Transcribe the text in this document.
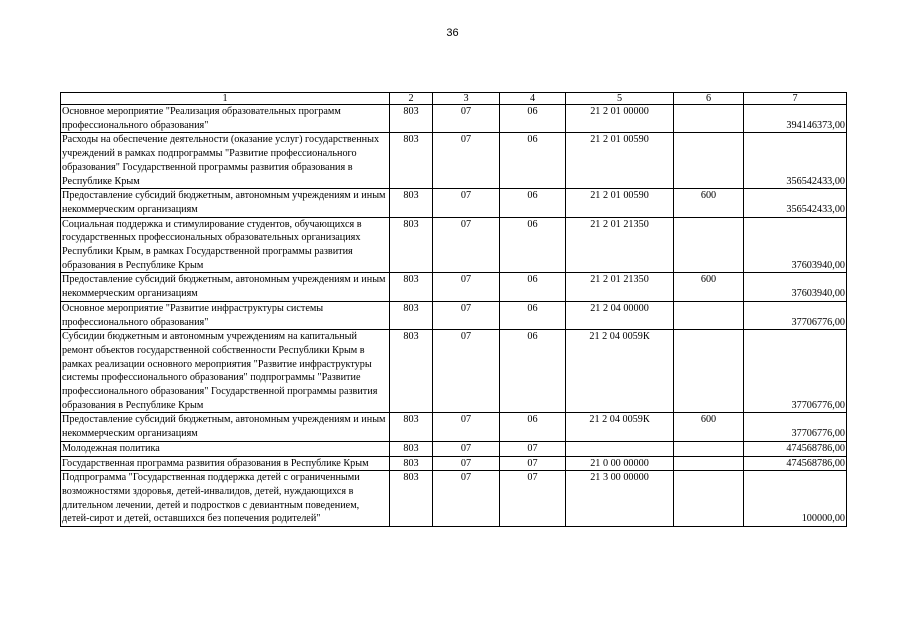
36
1	2	3	4	5	6	7
Основное мероприятие "Реализация образовательных программ профессионального образования"	803	07	06	21 2 01 00000		394146373,00
Расходы на обеспечение деятельности (оказание услуг) государственных учреждений в рамках подпрограммы "Развитие профессионального образования" Государственной программы развития образования в Республике Крым	803	07	06	21 2 01 00590		356542433,00
Предоставление субсидий бюджетным, автономным учреждениям и иным некоммерческим организациям	803	07	06	21 2 01 00590	600	356542433,00
Социальная поддержка и стимулирование студентов, обучающихся в государственных профессиональных образовательных организациях Республики Крым, в рамках Государственной программы развития образования в Республике Крым	803	07	06	21 2 01 21350		37603940,00
Предоставление субсидий бюджетным, автономным учреждениям и иным некоммерческим организациям	803	07	06	21 2 01 21350	600	37603940,00
Основное мероприятие "Развитие инфраструктуры системы профессионального образования"	803	07	06	21 2 04 00000		37706776,00
Субсидии бюджетным и автономным учреждениям на капитальный ремонт объектов государственной собственности Республики Крым в рамках реализации основного мероприятия "Развитие инфраструктуры системы профессионального образования" подпрограммы "Развитие профессионального образования" Государственной программы развития образования в Республике Крым	803	07	06	21 2 04 0059К		37706776,00
Предоставление субсидий бюджетным, автономным учреждениям и иным некоммерческим организациям	803	07	06	21 2 04 0059К	600	37706776,00
Молодежная политика	803	07	07			474568786,00
Государственная программа развития образования в Республике Крым	803	07	07	21 0 00 00000		474568786,00
Подпрограмма "Государственная поддержка детей с ограниченными возможностями здоровья, детей-инвалидов, детей, нуждающихся в длительном лечении, детей и подростков с девиантным поведением, детей-сирот и детей, оставшихся без попечения родителей"	803	07	07	21 3 00 00000		100000,00
